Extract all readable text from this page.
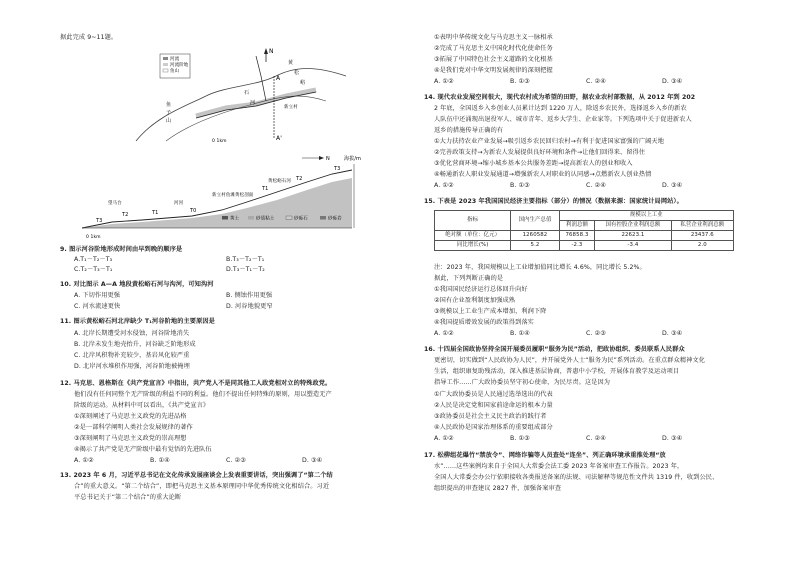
据此完成 9~11题。
N
河流
河流阶地
鱼山
A
A'
黄
松
峪
石
河
新立村
鱼
子
山
0 1km
海拔/m
N
T3
T2
T1
T0
T1
T2
T3
黄松峪石河
新立村鱼滩黄松剖面
望马台	河河
黄土	砂质粘土	砂砾石	砂砾岩
0 1km
9. 图示河谷阶地形成时间由早到晚的顺序是
A.T₁－T₂－T₃	B.T₃－T₂－T₁
C.T₂－T₃－T₁	D.T₃－T₁－T₂
10. 对比图示 A—A 地段黄松峪石河与沟河，可知沟河
A. 下切作用更强	B. 侧蚀作用更强
C. 河水流速更快	D. 河谷地貌更窄
11. 图示黄松峪石河北岸缺少 T₁河谷阶地的主要原因是
A. 北岸长期遭受河水侵蚀，河谷阶地消失
B. 北岸未发生地壳抬升，河谷缺乏阶地形成
C. 北岸风积物补充较少，基岩风化较严重
D. 北岸河水堆积作用强，河谷阶地被掩埋
12. 马克思、恩格斯在《共产党宣言》中指出，共产党人不是同其他工人政党相对立的特殊政党。
他们没有任何同整个无产阶级的利益不同的利益。他们不提出任何特殊的原则，用以塑造无产
阶级的运动。从材料中可以看出，《共产党宣言》
①深刻阐述了马克思主义政党的先进品格
②是一部科学阐明人类社会发展规律的著作
③深刻阐明了马克思主义政党的崇高理想
④揭示了共产党是无产阶级中最有觉悟的先进队伍
A. ①②	B. ①④	C. ②③	D. ③④
13. 2023 年 6 月，习近平总书记在文化传承发展座谈会上发表重要讲话，突出强调了“第二个结
合”的重大意义。“第二个结合”，即把马克思主义基本原理同中华优秀传统文化相结合。习近
平总书记关于“第二个结合”的重大论断
①表明中华传统文化与马克思主义一脉相承
②完成了马克思主义中国化时代化使命任务
③拓展了中国特色社会主义道路的文化根基
④是我们党对中华文明发展规律的深刻把握
A. ①②	B. ①③	C. ②④	D. ③④
14. 现代农业发展空间很大，现代农村成为希望的田野，据农业农村部数据，从 2012 年到 202
2 年底，全国返乡入乡创业人员累计达到 1220 万人，除返乡农民外，选择返乡入乡的新农
人队伍中还涌现出退役军人、城市青年、返乡大学生、企业家等。下列选项中关于促进新农人
返乡的措施传导正确的有
①大力扶持农业产业发展→吸引返乡农民回归农村→有利于促进国家富强的广阔天地
②完善政策支持→为新农人发展提供良好环境和条件→让他们回得来、留得住
③优化营商环境→缩小城乡基本公共服务差距→提高新农人的创业和收入
④畅通新农人职业发展通道→增强新农人对职业的认同感→点燃新农人创业热情
A. ①②	B. ①③	C. ②④	D. ③④
15. 下表是 2023 年我国国民经济主要指标（部分）的情况（数据来源：国家统计局网站）。
指标	国内生产总值	规模以上工业		
		利润总额	国有控股企业利润总额	私营企业利润总额
绝对额（单位：亿元）	1260582	76858.3	22623.1	23437.6
同比增长(%)	5.2	-2.3	-3.4	2.0
注：2023 年，我国规模以上工业增加值同比增长 4.6%，同比增长 5.2%。
据此，下列判断正确的是
①我国国民经济运行总体回升向好
②国有企业盈利制度加强成熟
③规模以上工业生产成本增加，利润下降
④我国提质增效发展的政策得到落实
A. ①②	B. ①④	C. ②③	D. ③④
16. 十四届全国政协坚持全国开展委员履职“服务为民”活动，把政协组织、委员联系人民群众
更密切，切实做到“人民政协为人民”，并开展党外人士“服务为民”系列活动。在重点群众精神文化
生活，组织康复助残活动，深入推进基层协商，普惠中小学校，开展体育教学及运动项目
指导工作……广大政协委员坚守初心使命，为民尽责。这是因为
①广大政协委员是人民通过选举选出的代表
②人民是决定党和国家前途命运的根本力量
③政协委员是社会主义民主政治的践行者
④人民政协是国家治理体系的重要组成部分
A. ①②	B. ①③	C. ②④	D. ③④
17. 松柳组花爆竹“禁放令”、网络诈骗等人员查处“连坐”、列正确环境承重推处理“放
水”……这些案例均来自于全国人大常委会法工委 2023 年备案审查工作报告。2023 年，
全国人大常委会办公厅依职接收各类报送备案的法规、司法解释等规范性文件共 1319 件，收到公民、
组织提出的审查建议 2827 件，加强备案审查
